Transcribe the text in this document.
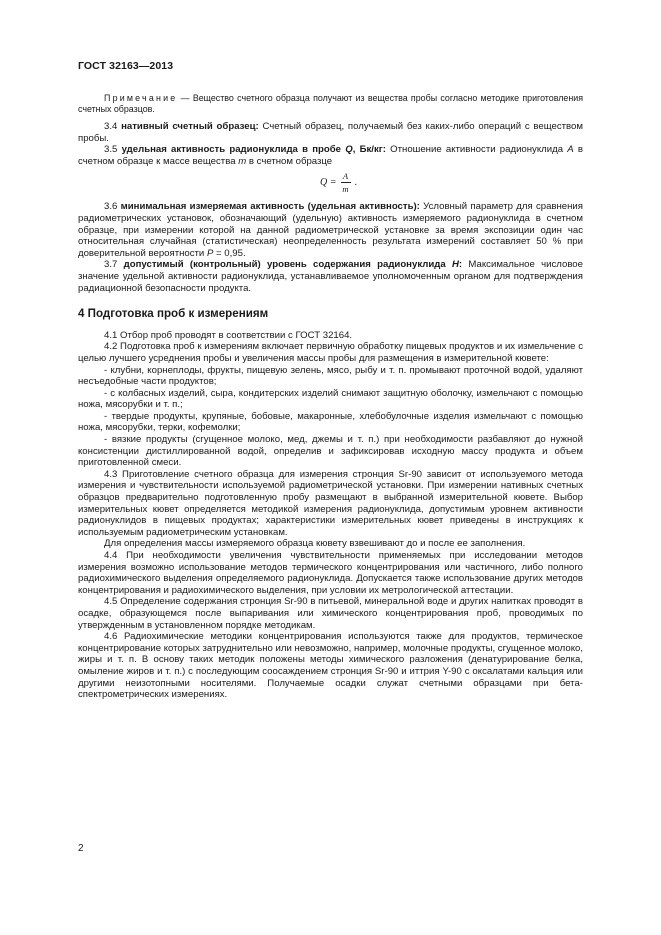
ГОСТ 32163—2013

Примечание — Вещество счетного образца получают из вещества пробы согласно методике приготовления счетных образцов.

3.4 нативный счетный образец: Счетный образец, получаемый без каких-либо операций с веществом пробы.

3.5 удельная активность радионуклида в пробе Q, Бк/кг: Отношение активности радионуклида A в счетном образце к массе вещества m в счетном образце

$Q = \frac{A}{m}$ .

3.6 минимальная измеряемая активность (удельная активность): Условный параметр для сравнения радиометрических установок, обозначающий (удельную) активность измеряемого радионуклида в счетном образце, при измерении которой на данной радиометрической установке за время экспозиции один час относительная случайная (статистическая) неопределенность результата измерений составляет 50 % при доверительной вероятности P = 0,95.

3.7 допустимый (контрольный) уровень содержания радионуклида H: Максимальное числовое значение удельной активности радионуклида, устанавливаемое уполномоченным органом для подтверждения радиационной безопасности продукта.

4 Подготовка проб к измерениям

4.1 Отбор проб проводят в соответствии с ГОСТ 32164.

4.2 Подготовка проб к измерениям включает первичную обработку пищевых продуктов и их измельчение с целью лучшего усреднения пробы и увеличения массы пробы для размещения в измерительной кювете:

- клубни, корнеплоды, фрукты, пищевую зелень, мясо, рыбу и т. п. промывают проточной водой, удаляют несъедобные части продуктов;

- с колбасных изделий, сыра, кондитерских изделий снимают защитную оболочку, измельчают с помощью ножа, мясорубки и т. п.;

- твердые продукты, крупяные, бобовые, макаронные, хлебобулочные изделия измельчают с помощью ножа, мясорубки, терки, кофемолки;

- вязкие продукты (сгущенное молоко, мед, джемы и т. п.) при необходимости разбавляют до нужной консистенции дистиллированной водой, определив и зафиксировав исходную массу продукта и объем приготовленной смеси.

4.3 Приготовление счетного образца для измерения стронция Sr-90 зависит от используемого метода измерения и чувствительности используемой радиометрической установки. При измерении нативных счетных образцов предварительно подготовленную пробу размещают в выбранной измерительной кювете. Выбор измерительных кювет определяется методикой измерения радионуклида, допустимым уровнем активности радионуклидов в пищевых продуктах; характеристики измерительных кювет приведены в инструкциях к используемым радиометрическим установкам.

Для определения массы измеряемого образца кювету взвешивают до и после ее заполнения.

4.4 При необходимости увеличения чувствительности применяемых при исследовании методов измерения возможно использование методов термического концентрирования или частичного, либо полного радиохимического выделения определяемого радионуклида. Допускается также использование других методов концентрирования и радиохимического выделения, при условии их метрологической аттестации.

4.5 Определение содержания стронция Sr-90 в питьевой, минеральной воде и других напитках проводят в осадке, образующемся после выпаривания или химического концентрирования проб, проводимых по утвержденным в установленном порядке методикам.

4.6 Радиохимические методики концентрирования используются также для продуктов, термическое концентрирование которых затруднительно или невозможно, например, молочные продукты, сгущенное молоко, жиры и т. п. В основу таких методик положены методы химического разложения (денатурирование белка, омыление жиров и т. п.) с последующим соосаждением стронция Sr-90 и иттрия Y-90 с оксалатами кальция или другими неизотопными носителями. Получаемые осадки служат счетными образцами при бета-спектрометрических измерениях.

2
